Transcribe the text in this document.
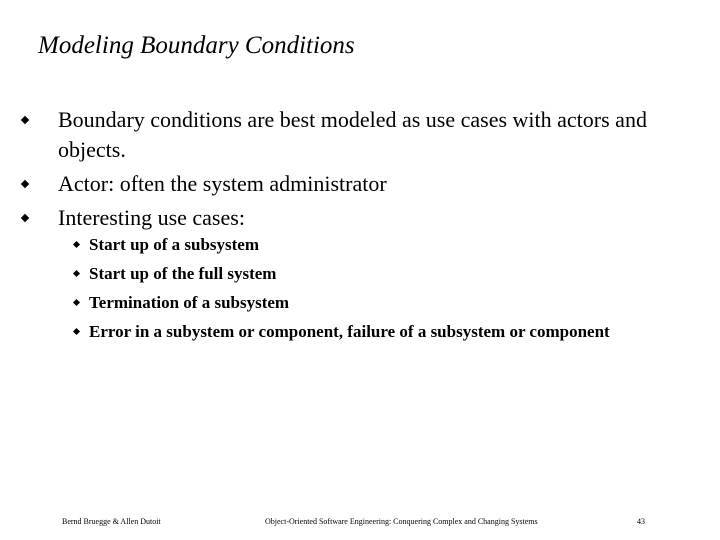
Modeling Boundary Conditions
Boundary conditions are best modeled as use cases with actors and objects.
Actor: often the system administrator
Interesting use cases:
Start up of a subsystem
Start up of the full system
Termination of a subsystem
Error in a subystem or component, failure of a subsystem or component
Bernd Bruegge & Allen Dutoit	Object-Oriented Software Engineering: Conquering Complex and Changing Systems	43
